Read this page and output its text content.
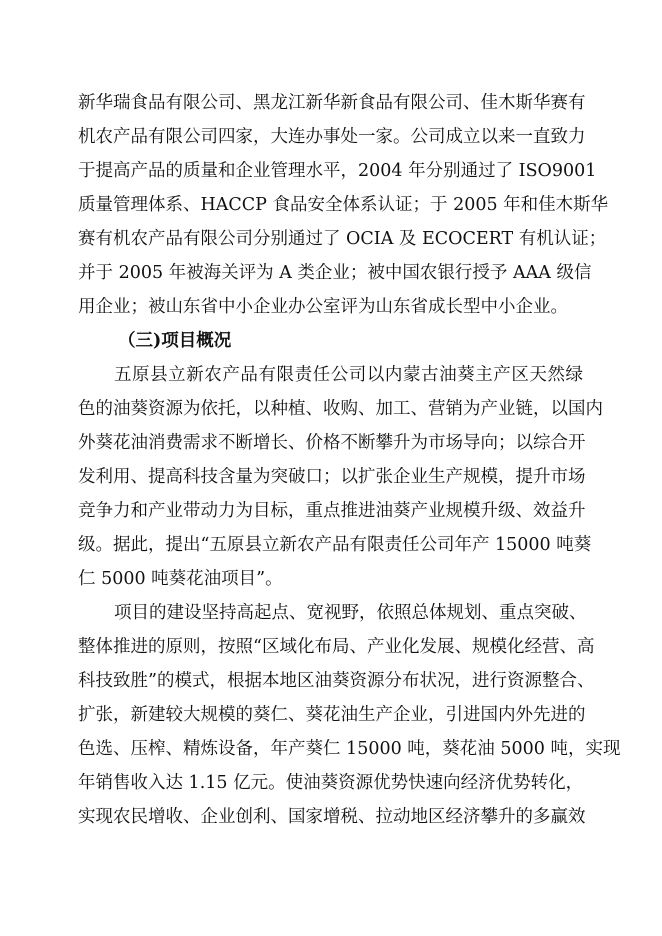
新华瑞食品有限公司、黑龙江新华新食品有限公司、佳木斯华赛有
机农产品有限公司四家，大连办事处一家。公司成立以来一直致力
于提高产品的质量和企业管理水平，2004 年分别通过了 ISO9001
质量管理体系、HACCP 食品安全体系认证；于 2005 年和佳木斯华
赛有机农产品有限公司分别通过了 OCIA 及 ECOCERT 有机认证；
并于 2005 年被海关评为 A 类企业；被中国农银行授予 AAA 级信
用企业；被山东省中小企业办公室评为山东省成长型中小企业。
（三)项目概况
五原县立新农产品有限责任公司以内蒙古油葵主产区天然绿
色的油葵资源为依托，以种植、收购、加工、营销为产业链，以国内
外葵花油消费需求不断增长、价格不断攀升为市场导向；以综合开
发利用、提高科技含量为突破口；以扩张企业生产规模，提升市场
竞争力和产业带动力为目标，重点推进油葵产业规模升级、效益升
级。据此，提出“五原县立新农产品有限责任公司年产 15000 吨葵
仁 5000 吨葵花油项目”。
项目的建设坚持高起点、宽视野，依照总体规划、重点突破、
整体推进的原则，按照“区域化布局、产业化发展、规模化经营、高
科技致胜”的模式，根据本地区油葵资源分布状况，进行资源整合、
扩张，新建较大规模的葵仁、葵花油生产企业，引进国内外先进的
色选、压榨、精炼设备，年产葵仁 15000 吨，葵花油 5000 吨，实现
年销售收入达 1.15 亿元。使油葵资源优势快速向经济优势转化，
实现农民增收、企业创利、国家增税、拉动地区经济攀升的多赢效
